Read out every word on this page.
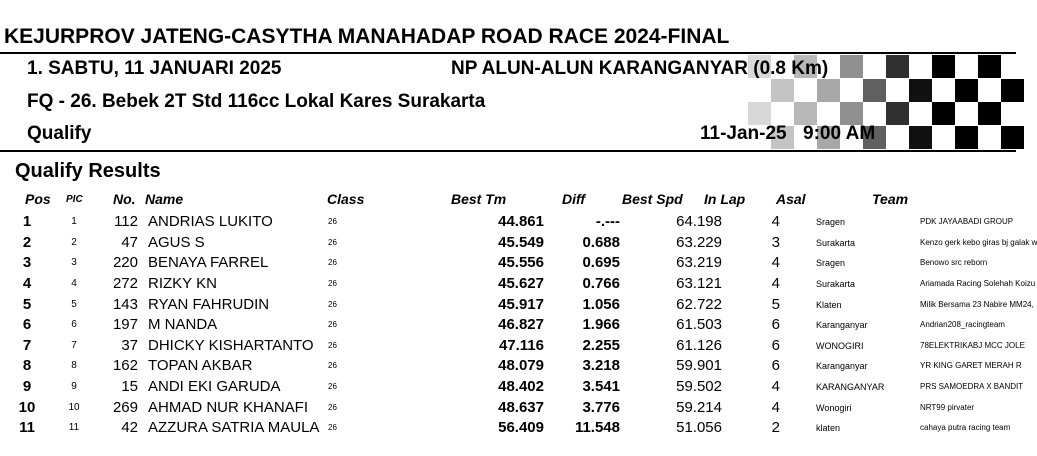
KEJURPROV JATENG-CASYTHA MANAHADAP ROAD RACE 2024-FINAL
1. SABTU, 11 JANUARI 2025	NP ALUN-ALUN KARANGANYAR (0.8 Km)
FQ - 26. Bebek 2T Std 116cc Lokal Kares Surakarta
Qualify	11-Jan-25 9:00 AM
Qualify Results
Pos PIC No. Name	Class	Best Tm	Diff	Best Spd In Lap Asal	Team
1	1	112	ANDRIAS LUKITO	26	44.861	-.---	64.198	4	Sragen	PDK JAYAABADI GROUP
2	2	47	AGUS S	26	45.549	0.688	63.229	3	Surakarta	Kenzo gerk kebo giras bj galak w
3	3	220	BENAYA FARREL	26	45.556	0.695	63.219	4	Sragen	Benowo src reborn
4	4	272	RIZKY KN	26	45.627	0.766	63.121	4	Surakarta	Ariamada Racing Solehah Koizu
5	5	143	RYAN FAHRUDIN	26	45.917	1.056	62.722	5	Klaten	Milik Bersama 23 Nabire MM24,
6	6	197	M NANDA	26	46.827	1.966	61.503	6	Karanganyar	Andrian208_racingteam
7	7	37	DHICKY KISHARTANTO	26	47.116	2.255	61.126	6	WONOGIRI	78ELEKTRIKABJ MCC JOLE
8	8	162	TOPAN AKBAR	26	48.079	3.218	59.901	6	Karanganyar	YR KING GARET MERAH R
9	9	15	ANDI EKI GARUDA	26	48.402	3.541	59.502	4	KARANGANYAR	PRS SAMOEDRA X BANDIT
10	10	269	AHMAD NUR KHANAFI	26	48.637	3.776	59.214	4	Wonogiri	NRT99 pirvater
11	11	42	AZZURA SATRIA MAULA	26	56.409	11.548	51.056	2	klaten	cahaya putra racing team
